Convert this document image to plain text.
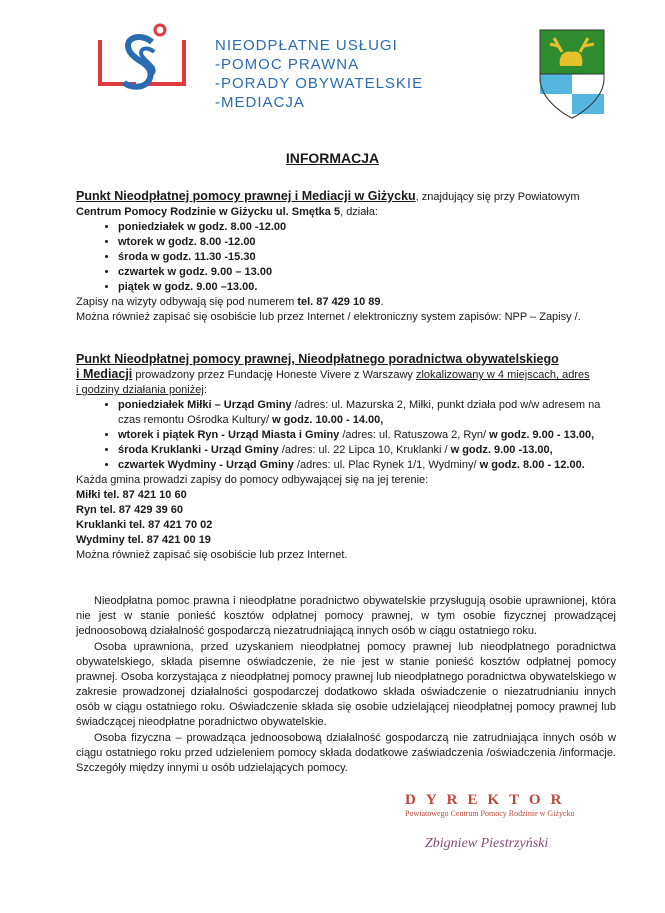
NIEODPŁATNE USŁUGI
-POMOC PRAWNA
-PORADY OBYWATELSKIE
-MEDIACJA
INFORMACJA
Punkt Nieodpłatnej pomocy prawnej i Mediacji w Giżycku, znajdujący się przy Powiatowym
Centrum Pomocy Rodzinie w Giżycku ul. Smętka 5, działa:
• poniedziałek w godz. 8.00 -12.00
• wtorek w godz. 8.00 -12.00
• środa w godz. 11.30 -15.30
• czwartek w godz. 9.00 – 13.00
• piątek w godz. 9.00 –13.00.
Zapisy na wizyty odbywają się pod numerem tel. 87 429 10 89.
Można również zapisać się osobiście lub przez Internet / elektroniczny system zapisów: NPP – Zapisy /.
Punkt Nieodpłatnej pomocy prawnej, Nieodpłatnego poradnictwa obywatelskiego
i Mediacji prowadzony przez Fundację Honeste Vivere z Warszawy zlokalizowany w 4 miejscach, adres
i godziny działania poniżej:
• poniedziałek Miłki – Urząd Gminy /adres: ul. Mazurska 2, Miłki, punkt działa pod w/w adresem na czas remontu Ośrodka Kultury/ w godz. 10.00 - 14.00,
• wtorek i piątek Ryn - Urząd Miasta i Gminy /adres: ul. Ratuszowa 2, Ryn/ w godz. 9.00 - 13.00,
• środa Kruklanki - Urząd Gminy /adres: ul. 22 Lipca 10, Kruklanki / w godz. 9.00 -13.00,
• czwartek Wydminy - Urząd Gminy /adres: ul. Plac Rynek 1/1, Wydminy/ w godz. 8.00 - 12.00.
Każda gmina prowadzi zapisy do pomocy odbywającej się na jej terenie:
Miłki tel. 87 421 10 60
Ryn tel. 87 429 39 60
Kruklanki tel. 87 421 70 02
Wydminy tel. 87 421 00 19
Można również zapisać się osobiście lub przez Internet.
Nieodpłatna pomoc prawna i nieodpłatne poradnictwo obywatelskie przysługują osobie uprawnionej, która nie jest w stanie ponieść kosztów odpłatnej pomocy prawnej, w tym osobie fizycznej prowadzącej jednoosobową działalność gospodarczą niezatrudniającą innych osób w ciągu ostatniego roku.
Osoba uprawniona, przed uzyskaniem nieodpłatnej pomocy prawnej lub nieodpłatnego poradnictwa obywatelskiego, składa pisemne oświadczenie, że nie jest w stanie ponieść kosztów odpłatnej pomocy prawnej. Osoba korzystająca z nieodpłatnej pomocy prawnej lub nieodpłatnego poradnictwa obywatelskiego w zakresie prowadzonej działalności gospodarczej dodatkowo składa oświadczenie o niezatrudnianiu innych osób w ciągu ostatniego roku. Oświadczenie składa się osobie udzielającej nieodpłatnej pomocy prawnej lub świadczącej nieodpłatne poradnictwo obywatelskie.
Osoba fizyczna – prowadząca jednoosobową działalność gospodarczą nie zatrudniająca innych osób w ciągu ostatniego roku przed udzieleniem pomocy składa dodatkowe zaświadczenia /oświadczenia /informacje. Szczegóły między innymi u osób udzielających pomocy.
DYREKTOR
Powiatowego Centrum Pomocy Rodzinie w Giżycku
Zbigniew Piestrzyński
